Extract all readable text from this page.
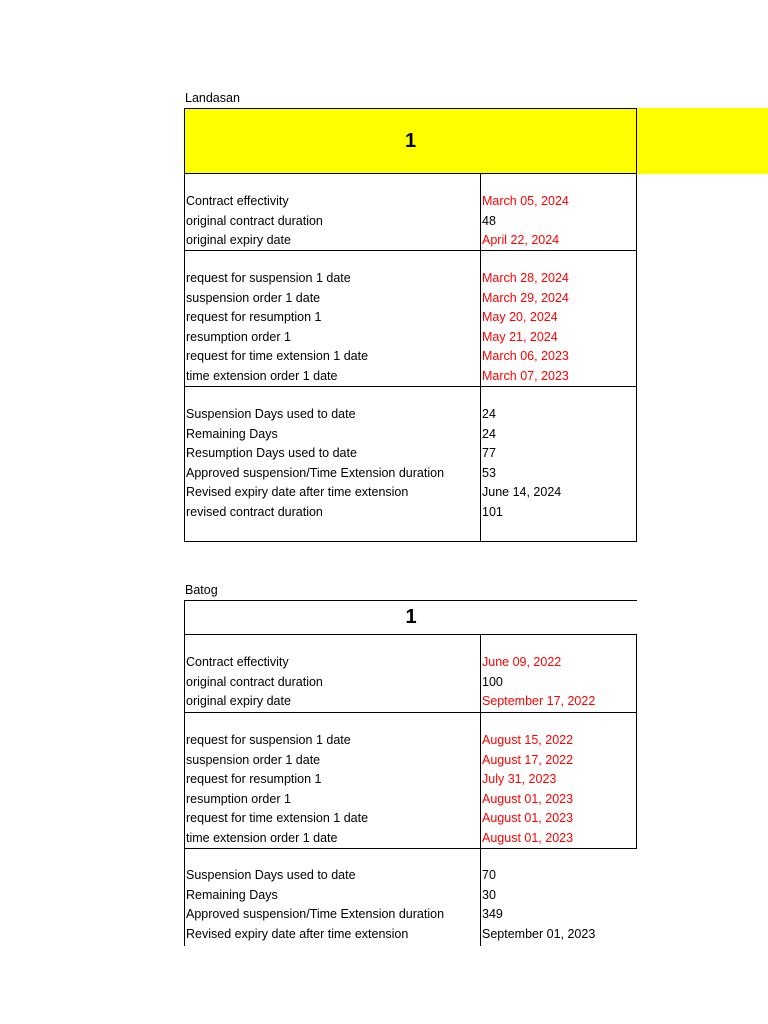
Landasan
1
Contract effectivity	March 05, 2024
original contract duration	48
original expiry date	April 22, 2024
request for suspension 1 date	March 28, 2024
suspension order 1 date	March 29, 2024
request for resumption 1	May 20, 2024
resumption order 1	May 21, 2024
request for time extension 1 date	March 06, 2023
time extension order 1 date	March 07, 2023
Suspension Days used to date	24
Remaining Days	24
Resumption Days used to date	77
Approved suspension/Time Extension duration	53
Revised expiry date after time extension	June 14, 2024
revised contract duration	101
Batog
1
Contract effectivity	June 09, 2022
original contract duration	100
original expiry date	September 17, 2022
request for suspension 1 date	August 15, 2022
suspension order 1 date	August 17, 2022
request for resumption 1	July 31, 2023
resumption order 1	August 01, 2023
request for time extension 1 date	August 01, 2023
time extension order 1 date	August 01, 2023
Suspension Days used to date	70
Remaining Days	30
Approved suspension/Time Extension duration	349
Revised expiry date after time extension	September 01, 2023
